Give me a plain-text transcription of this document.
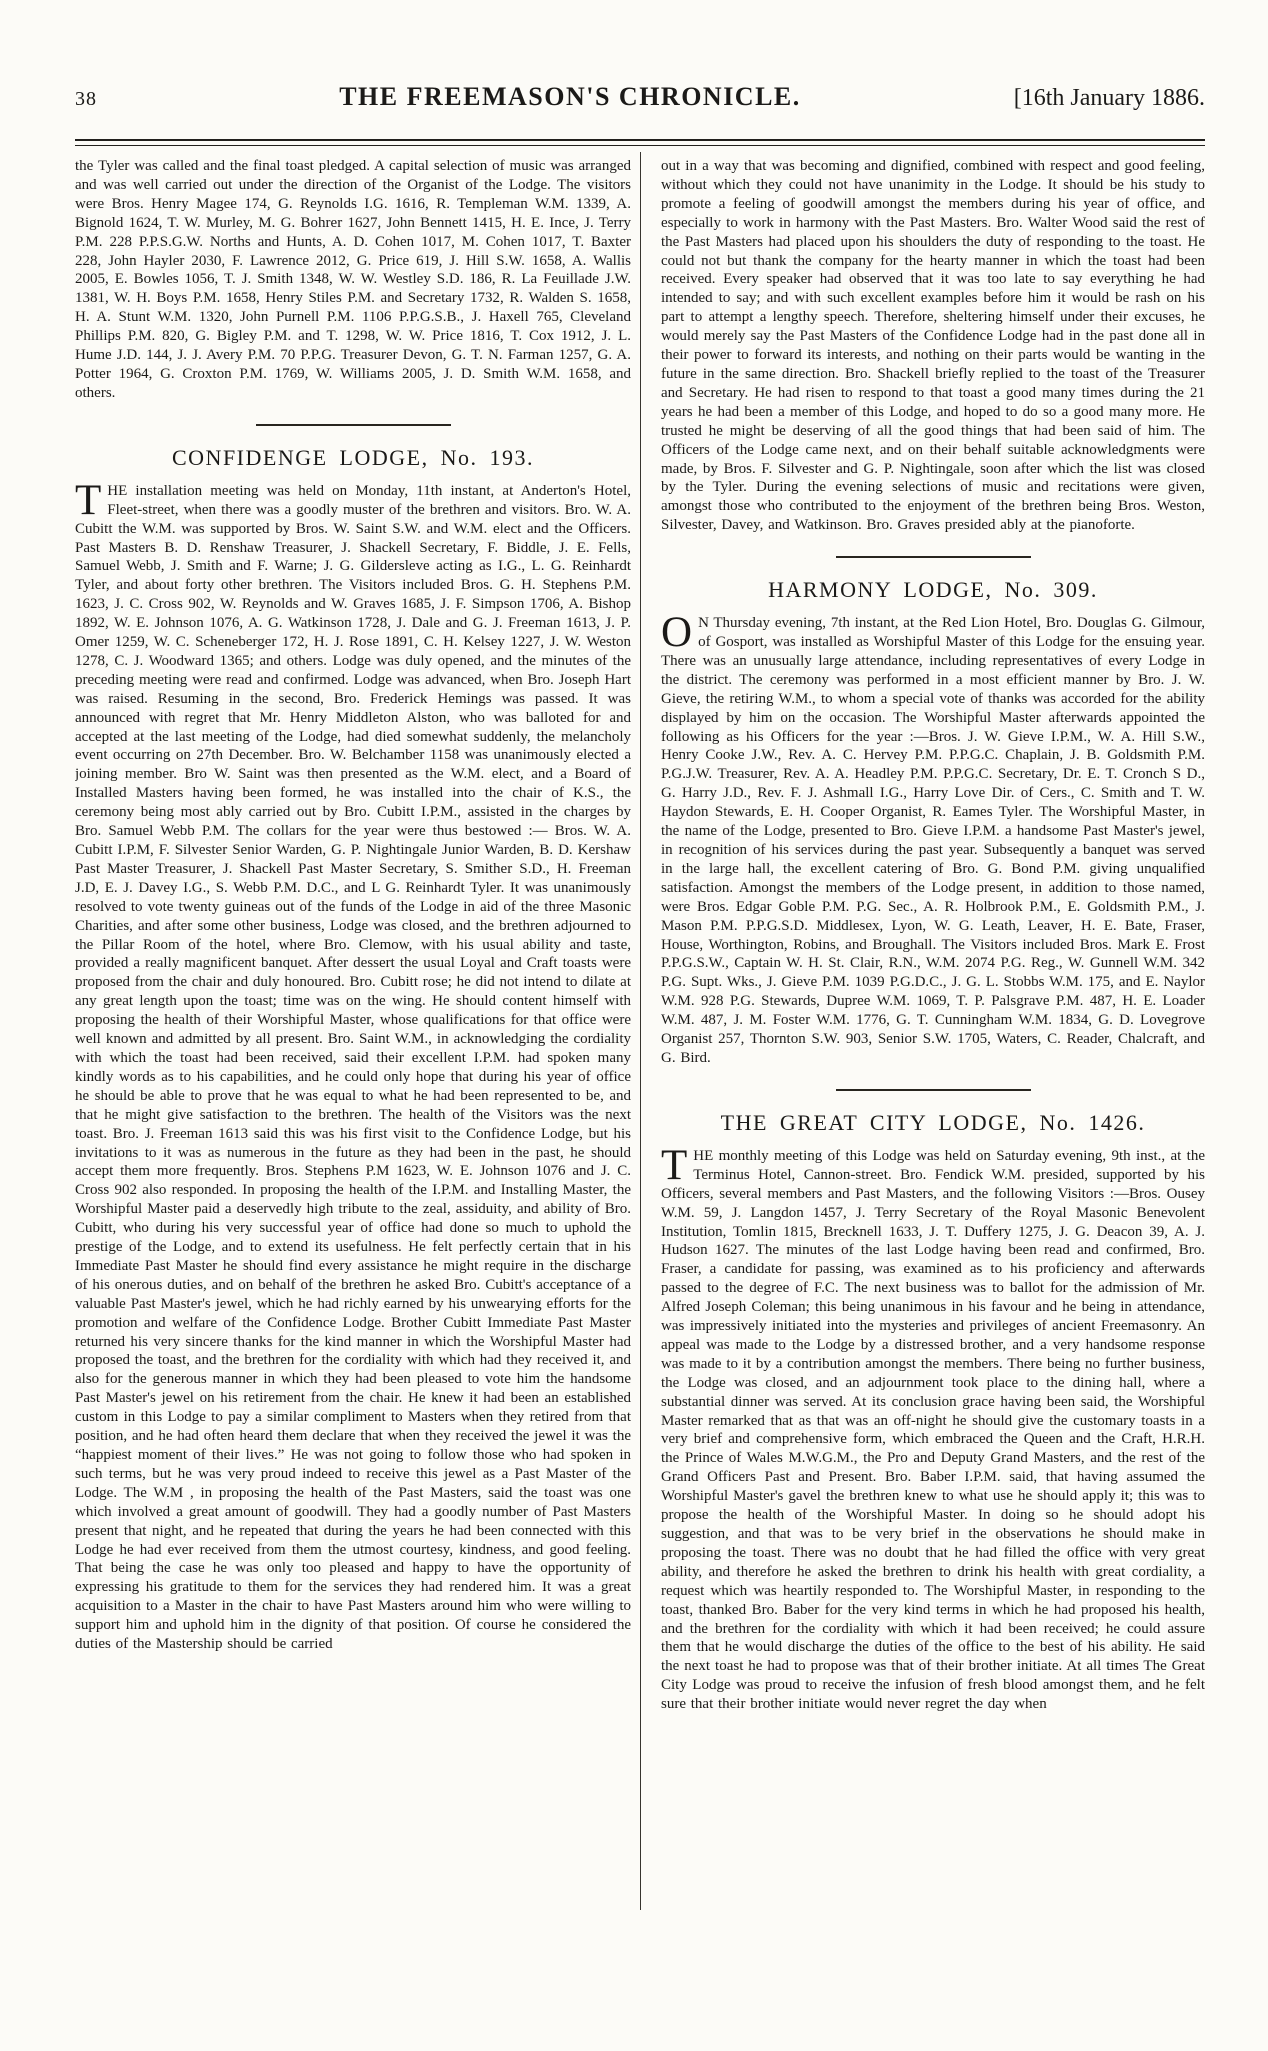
38	THE FREEMASON'S CHRONICLE.	[16th January 1886.

the Tyler was called and the final toast pledged. A capital selection of music was arranged and was well carried out under the direction of the Organist of the Lodge. The visitors were Bros. Henry Magee 174, G. Reynolds I.G. 1616, R. Templeman W.M. 1339, A. Bignold 1624, T. W. Murley, M. G. Bohrer 1627, John Bennett 1415, H. E. Ince, J. Terry P.M. 228 P.P.S.G.W. Norths and Hunts, A. D. Cohen 1017, M. Cohen 1017, T. Baxter 228, John Hayler 2030, F. Lawrence 2012, G. Price 619, J. Hill S.W. 1658, A. Wallis 2005, E. Bowles 1056, T. J. Smith 1348, W. W. Westley S.D. 186, R. La Feuillade J.W. 1381, W. H. Boys P.M. 1658, Henry Stiles P.M. and Secretary 1732, R. Walden S. 1658, H. A. Stunt W.M. 1320, John Purnell P.M. 1106 P.P.G.S.B., J. Haxell 765, Cleveland Phillips P.M. 820, G. Bigley P.M. and T. 1298, W. W. Price 1816, T. Cox 1912, J. L. Hume J.D. 144, J. J. Avery P.M. 70 P.P.G. Treasurer Devon, G. T. N. Farman 1257, G. A. Potter 1964, G. Croxton P.M. 1769, W. Williams 2005, J. D. Smith W.M. 1658, and others.

CONFIDENGE LODGE, No. 193.

THE installation meeting was held on Monday, 11th instant, at Anderton's Hotel, Fleet-street, when there was a goodly muster of the brethren and visitors. Bro. W. A. Cubitt the W.M. was supported by Bros. W. Saint S.W. and W.M. elect and the Officers. Past Masters B. D. Renshaw Treasurer, J. Shackell Secretary, F. Biddle, J. E. Fells, Samuel Webb, J. Smith and F. Warne; J. G. Gildersleve acting as I.G., L. G. Reinhardt Tyler, and about forty other brethren. The Visitors included Bros. G. H. Stephens P.M. 1623, J. C. Cross 902, W. Reynolds and W. Graves 1685, J. F. Simpson 1706, A. Bishop 1892, W. E. Johnson 1076, A. G. Watkinson 1728, J. Dale and G. J. Freeman 1613, J. P. Omer 1259, W. C. Scheneberger 172, H. J. Rose 1891, C. H. Kelsey 1227, J. W. Weston 1278, C. J. Woodward 1365; and others. Lodge was duly opened, and the minutes of the preceding meeting were read and confirmed. Lodge was advanced, when Bro. Joseph Hart was raised. Resuming in the second, Bro. Frederick Hemings was passed. It was announced with regret that Mr. Henry Middleton Alston, who was balloted for and accepted at the last meeting of the Lodge, had died somewhat suddenly, the melancholy event occurring on 27th December. Bro. W. Belchamber 1158 was unanimously elected a joining member. Bro W. Saint was then presented as the W.M. elect, and a Board of Installed Masters having been formed, he was installed into the chair of K.S., the ceremony being most ably carried out by Bro. Cubitt I.P.M., assisted in the charges by Bro. Samuel Webb P.M. The collars for the year were thus bestowed :— Bros. W. A. Cubitt I.P.M, F. Silvester Senior Warden, G. P. Nightingale Junior Warden, B. D. Kershaw Past Master Treasurer, J. Shackell Past Master Secretary, S. Smither S.D., H. Freeman J.D, E. J. Davey I.G., S. Webb P.M. D.C., and L G. Reinhardt Tyler. It was unanimously resolved to vote twenty guineas out of the funds of the Lodge in aid of the three Masonic Charities, and after some other business, Lodge was closed, and the brethren adjourned to the Pillar Room of the hotel, where Bro. Clemow, with his usual ability and taste, provided a really magnificent banquet. After dessert the usual Loyal and Craft toasts were proposed from the chair and duly honoured. Bro. Cubitt rose; he did not intend to dilate at any great length upon the toast; time was on the wing. He should content himself with proposing the health of their Worshipful Master, whose qualifications for that office were well known and admitted by all present. Bro. Saint W.M., in acknowledging the cordiality with which the toast had been received, said their excellent I.P.M. had spoken many kindly words as to his capabilities, and he could only hope that during his year of office he should be able to prove that he was equal to what he had been represented to be, and that he might give satisfaction to the brethren. The health of the Visitors was the next toast. Bro. J. Freeman 1613 said this was his first visit to the Confidence Lodge, but his invitations to it was as numerous in the future as they had been in the past, he should accept them more frequently. Bros. Stephens P.M 1623, W. E. Johnson 1076 and J. C. Cross 902 also responded. In proposing the health of the I.P.M. and Installing Master, the Worshipful Master paid a deservedly high tribute to the zeal, assiduity, and ability of Bro. Cubitt, who during his very successful year of office had done so much to uphold the prestige of the Lodge, and to extend its usefulness. He felt perfectly certain that in his Immediate Past Master he should find every assistance he might require in the discharge of his onerous duties, and on behalf of the brethren he asked Bro. Cubitt's acceptance of a valuable Past Master's jewel, which he had richly earned by his unwearying efforts for the promotion and welfare of the Confidence Lodge. Brother Cubitt Immediate Past Master returned his very sincere thanks for the kind manner in which the Worshipful Master had proposed the toast, and the brethren for the cordiality with which had they received it, and also for the generous manner in which they had been pleased to vote him the handsome Past Master's jewel on his retirement from the chair. He knew it had been an established custom in this Lodge to pay a similar compliment to Masters when they retired from that position, and he had often heard them declare that when they received the jewel it was the “happiest moment of their lives.” He was not going to follow those who had spoken in such terms, but he was very proud indeed to receive this jewel as a Past Master of the Lodge. The W.M , in proposing the health of the Past Masters, said the toast was one which involved a great amount of goodwill. They had a goodly number of Past Masters present that night, and he repeated that during the years he had been connected with this Lodge he had ever received from them the utmost courtesy, kindness, and good feeling. That being the case he was only too pleased and happy to have the opportunity of expressing his gratitude to them for the services they had rendered him. It was a great acquisition to a Master in the chair to have Past Masters around him who were willing to support him and uphold him in the dignity of that position. Of course he considered the duties of the Mastership should be carried

out in a way that was becoming and dignified, combined with respect and good feeling, without which they could not have unanimity in the Lodge. It should be his study to promote a feeling of goodwill amongst the members during his year of office, and especially to work in harmony with the Past Masters. Bro. Walter Wood said the rest of the Past Masters had placed upon his shoulders the duty of responding to the toast. He could not but thank the company for the hearty manner in which the toast had been received. Every speaker had observed that it was too late to say everything he had intended to say; and with such excellent examples before him it would be rash on his part to attempt a lengthy speech. Therefore, sheltering himself under their excuses, he would merely say the Past Masters of the Confidence Lodge had in the past done all in their power to forward its interests, and nothing on their parts would be wanting in the future in the same direction. Bro. Shackell briefly replied to the toast of the Treasurer and Secretary. He had risen to respond to that toast a good many times during the 21 years he had been a member of this Lodge, and hoped to do so a good many more. He trusted he might be deserving of all the good things that had been said of him. The Officers of the Lodge came next, and on their behalf suitable acknowledgments were made, by Bros. F. Silvester and G. P. Nightingale, soon after which the list was closed by the Tyler. During the evening selections of music and recitations were given, amongst those who contributed to the enjoyment of the brethren being Bros. Weston, Silvester, Davey, and Watkinson. Bro. Graves presided ably at the pianoforte.

HARMONY LODGE, No. 309.

O N Thursday evening, 7th instant, at the Red Lion Hotel, Bro. Douglas G. Gilmour, of Gosport, was installed as Worshipful Master of this Lodge for the ensuing year. There was an unusually large attendance, including representatives of every Lodge in the district. The ceremony was performed in a most efficient manner by Bro. J. W. Gieve, the retiring W.M., to whom a special vote of thanks was accorded for the ability displayed by him on the occasion. The Worshipful Master afterwards appointed the following as his Officers for the year :—Bros. J. W. Gieve I.P.M., W. A. Hill S.W., Henry Cooke J.W., Rev. A. C. Hervey P.M. P.P.G.C. Chaplain, J. B. Goldsmith P.M. P.G.J.W. Treasurer, Rev. A. A. Headley P.M. P.P.G.C. Secretary, Dr. E. T. Cronch S D., G. Harry J.D., Rev. F. J. Ashmall I.G., Harry Love Dir. of Cers., C. Smith and T. W. Haydon Stewards, E. H. Cooper Organist, R. Eames Tyler. The Worshipful Master, in the name of the Lodge, presented to Bro. Gieve I.P.M. a handsome Past Master's jewel, in recognition of his services during the past year. Subsequently a banquet was served in the large hall, the excellent catering of Bro. G. Bond P.M. giving unqualified satisfaction. Amongst the members of the Lodge present, in addition to those named, were Bros. Edgar Goble P.M. P.G. Sec., A. R. Holbrook P.M., E. Goldsmith P.M., J. Mason P.M. P.P.G.S.D. Middlesex, Lyon, W. G. Leath, Leaver, H. E. Bate, Fraser, House, Worthington, Robins, and Broughall. The Visitors included Bros. Mark E. Frost P.P.G.S.W., Captain W. H. St. Clair, R.N., W.M. 2074 P.G. Reg., W. Gunnell W.M. 342 P.G. Supt. Wks., J. Gieve P.M. 1039 P.G.D.C., J. G. L. Stobbs W.M. 175, and E. Naylor W.M. 928 P.G. Stewards, Dupree W.M. 1069, T. P. Palsgrave P.M. 487, H. E. Loader W.M. 487, J. M. Foster W.M. 1776, G. T. Cunningham W.M. 1834, G. D. Lovegrove Organist 257, Thornton S.W. 903, Senior S.W. 1705, Waters, C. Reader, Chalcraft, and G. Bird.

THE GREAT CITY LODGE, No. 1426.

THE monthly meeting of this Lodge was held on Saturday evening, 9th inst., at the Terminus Hotel, Cannon-street. Bro. Fendick W.M. presided, supported by his Officers, several members and Past Masters, and the following Visitors :—Bros. Ousey W.M. 59, J. Langdon 1457, J. Terry Secretary of the Royal Masonic Benevolent Institution, Tomlin 1815, Brecknell 1633, J. T. Duffery 1275, J. G. Deacon 39, A. J. Hudson 1627. The minutes of the last Lodge having been read and confirmed, Bro. Fraser, a candidate for passing, was examined as to his proficiency and afterwards passed to the degree of F.C. The next business was to ballot for the admission of Mr. Alfred Joseph Coleman; this being unanimous in his favour and he being in attendance, was impressively initiated into the mysteries and privileges of ancient Freemasonry. An appeal was made to the Lodge by a distressed brother, and a very handsome response was made to it by a contribution amongst the members. There being no further business, the Lodge was closed, and an adjournment took place to the dining hall, where a substantial dinner was served. At its conclusion grace having been said, the Worshipful Master remarked that as that was an off-night he should give the customary toasts in a very brief and comprehensive form, which embraced the Queen and the Craft, H.R.H. the Prince of Wales M.W.G.M., the Pro and Deputy Grand Masters, and the rest of the Grand Officers Past and Present. Bro. Baber I.P.M. said, that having assumed the Worshipful Master's gavel the brethren knew to what use he should apply it; this was to propose the health of the Worshipful Master. In doing so he should adopt his suggestion, and that was to be very brief in the observations he should make in proposing the toast. There was no doubt that he had filled the office with very great ability, and therefore he asked the brethren to drink his health with great cordiality, a request which was heartily responded to. The Worshipful Master, in responding to the toast, thanked Bro. Baber for the very kind terms in which he had proposed his health, and the brethren for the cordiality with which it had been received; he could assure them that he would discharge the duties of the office to the best of his ability. He said the next toast he had to propose was that of their brother initiate. At all times The Great City Lodge was proud to receive the infusion of fresh blood amongst them, and he felt sure that their brother initiate would never regret the day when
